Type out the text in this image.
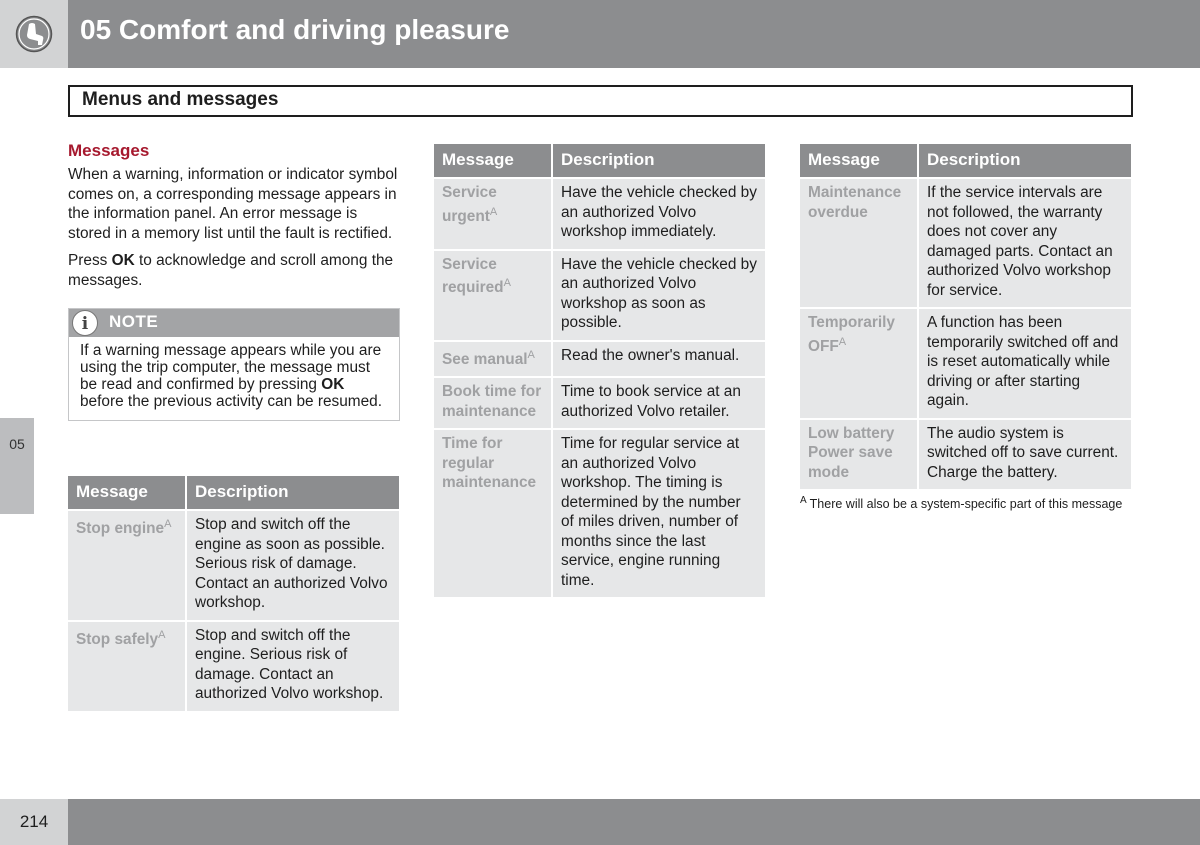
05 Comfort and driving pleasure
Menus and messages
05
Messages

When a warning, information or indicator symbol comes on, a corresponding message appears in the information panel. An error message is stored in a memory list until the fault is rectified.

Press OK to acknowledge and scroll among the messages.

i	NOTE
If a warning message appears while you are using the trip computer, the message must be read and confirmed by pressing OK before the previous activity can be resumed.
Message	Description
Stop engine$^A$	Stop and switch off the engine as soon as possible. Serious risk of damage. Contact an authorized Volvo workshop.
Stop safely$^A$	Stop and switch off the engine. Serious risk of damage. Contact an authorized Volvo workshop.
Message	Description
Service urgent$^A$	Have the vehicle checked by an authorized Volvo workshop immediately.
Service required$^A$	Have the vehicle checked by an authorized Volvo workshop as soon as possible.
See manual$^A$	Read the owner's manual.
Book time for maintenance	Time to book service at an authorized Volvo retailer.
Time for regular maintenance	Time for regular service at an authorized Volvo workshop. The timing is determined by the number of miles driven, number of months since the last service, engine running time.
Message	Description
Maintenance overdue	If the service intervals are not followed, the warranty does not cover any damaged parts. Contact an authorized Volvo workshop for service.
Temporarily $OFF^A$	A function has been temporarily switched off and is reset automatically while driving or after starting again.
Low battery Power save mode	The audio system is switched off to save current. Charge the battery.
$^A$ There will also be a system-specific part of this message
214
